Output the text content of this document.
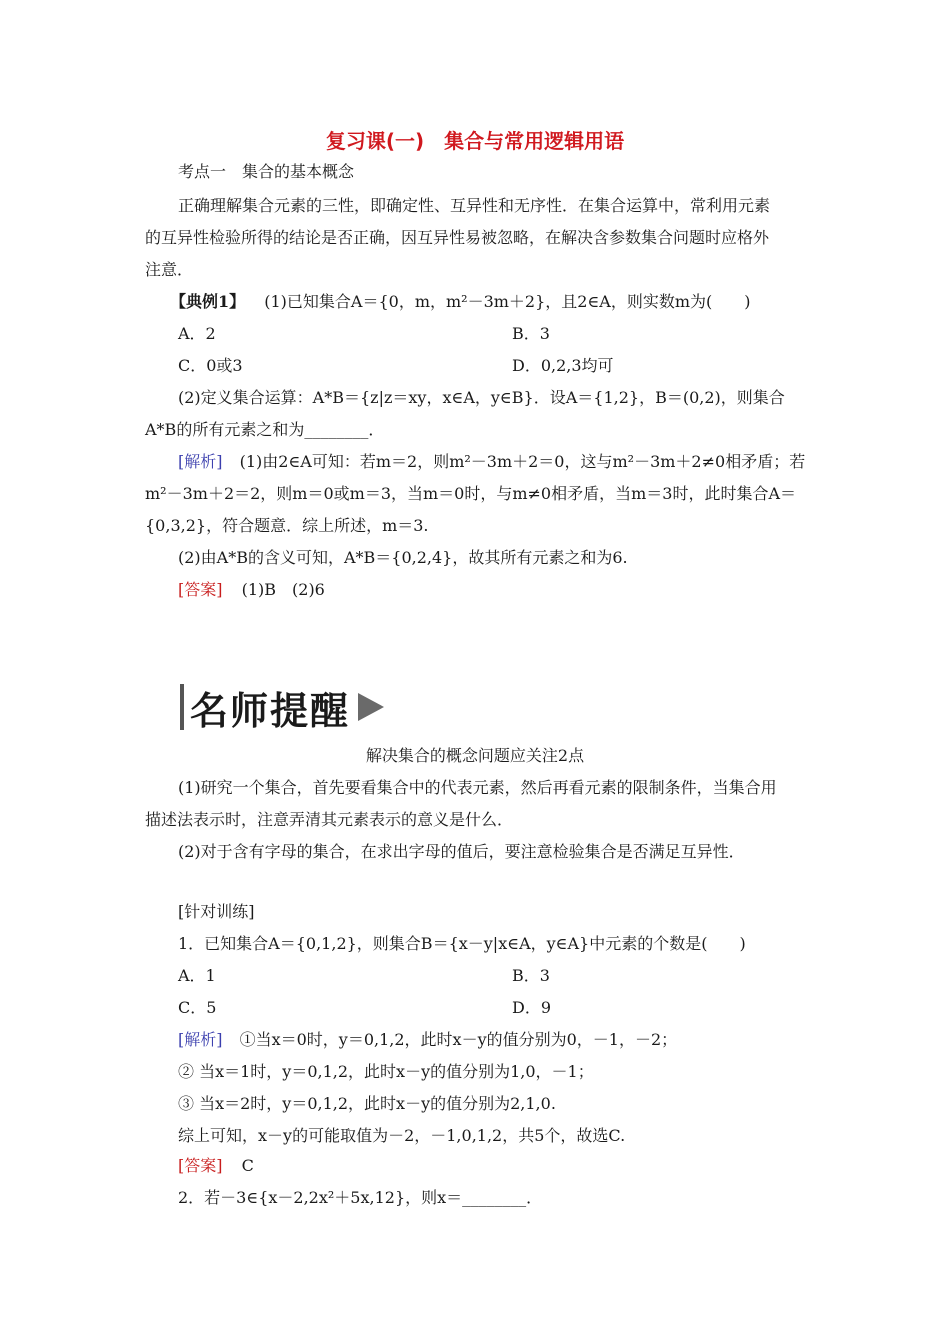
复习课(一)　集合与常用逻辑用语
考点一　集合的基本概念
正确理解集合元素的三性，即确定性、互异性和无序性．在集合运算中，常利用元素
的互异性检验所得的结论是否正确，因互异性易被忽略，在解决含参数集合问题时应格外
注意．
【典例1】 (1)已知集合A＝{0，m，m²－3m＋2}，且2∈A，则实数m为(　　)
A．2	B．3
C．0或3	D．0,2,3均可
(2)定义集合运算：A*B＝{z|z＝xy，x∈A，y∈B}．设A＝{1,2}，B＝(0,2)，则集合
A*B的所有元素之和为________．
[解析] (1)由2∈A可知：若m＝2，则m²－3m＋2＝0，这与m²－3m＋2≠0相矛盾；若
m²－3m＋2＝2，则m＝0或m＝3，当m＝0时，与m≠0相矛盾，当m＝3时，此时集合A＝
{0,3,2}，符合题意．综上所述，m＝3.
(2)由A*B的含义可知，A*B＝{0,2,4}，故其所有元素之和为6.
[答案] (1)B　(2)6
名师提醒
解决集合的概念问题应关注2点
(1)研究一个集合，首先要看集合中的代表元素，然后再看元素的限制条件，当集合用
描述法表示时，注意弄清其元素表示的意义是什么．
(2)对于含有字母的集合，在求出字母的值后，要注意检验集合是否满足互异性．
[针对训练]
1．已知集合A＝{0,1,2}，则集合B＝{x－y|x∈A，y∈A}中元素的个数是(　　)
A．1	B．3
C．5	D．9
[解析] ①当x＝0时，y＝0,1,2，此时x－y的值分别为0，－1，－2；
② 当x＝1时，y＝0,1,2，此时x－y的值分别为1,0，－1；
③ 当x＝2时，y＝0,1,2，此时x－y的值分别为2,1,0.
综上可知，x－y的可能取值为－2，－1,0,1,2，共5个，故选C.
[答案] C
2．若－3∈{x－2,2x²＋5x,12}，则x＝________．
